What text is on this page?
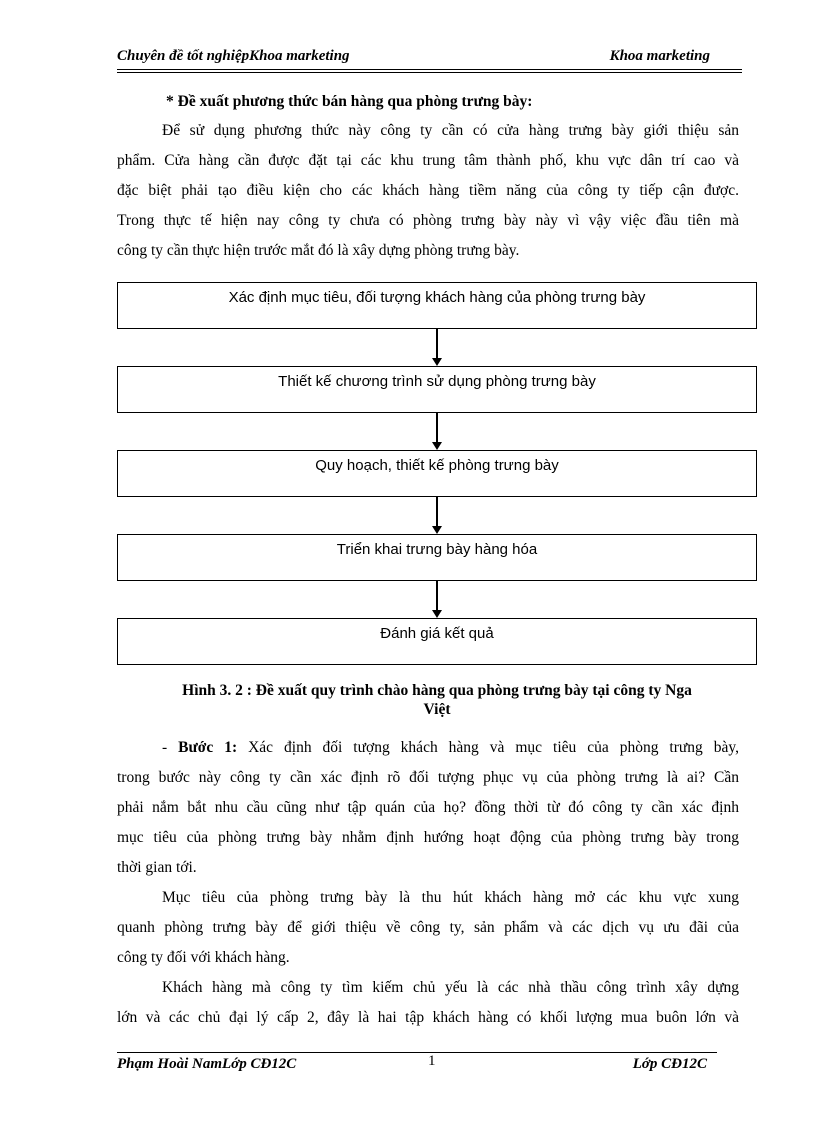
Chuyên đề tốt nghiệpKhoa marketing	Khoa marketing
* Đề xuất phương thức bán hàng qua phòng trưng bày:
Để sử dụng phương thức này công ty cần có cửa hàng trưng bày giới thiệu sản
phẩm. Cửa hàng cần được đặt tại các khu trung tâm thành phố, khu vực dân trí cao và
đặc biệt phải tạo điều kiện cho các khách hàng tiềm năng của công ty tiếp cận được.
Trong thực tế hiện nay công ty chưa có phòng trưng bày này vì vậy việc đầu tiên mà
công ty cần thực hiện trước mắt đó là xây dựng phòng trưng bày.
Xác định mục tiêu, đối tượng khách hàng của phòng trưng bày
Thiết kế chương trình sử dụng phòng trưng bày
Quy hoạch, thiết kế phòng trưng bày
Triển khai trưng bày hàng hóa
Đánh giá kết quả
Hình 3. 2 : Đề xuất quy trình chào hàng qua phòng trưng bày tại công ty Nga
Việt
- Bước 1: Xác định đối tượng khách hàng và mục tiêu của phòng trưng bày,
trong bước này công ty cần xác định rõ đối tượng phục vụ của phòng trưng là ai? Cần
phải nắm bắt nhu cầu cũng như tập quán của họ? đồng thời từ đó công ty cần xác định
mục tiêu của phòng trưng bày nhằm định hướng hoạt động của phòng trưng bày trong
thời gian tới.
Mục tiêu của phòng trưng bày là thu hút khách hàng mở các khu vực xung
quanh phòng trưng bày để giới thiệu về công ty, sản phẩm và các dịch vụ ưu đãi của
công ty đối với khách hàng.
Khách hàng mà công ty tìm kiếm chủ yếu là các nhà thầu công trình xây dựng
lớn và các chủ đại lý cấp 2, đây là hai tập khách hàng có khối lượng mua buôn lớn và
Phạm Hoài NamLớp CĐ12C	1	Lớp CĐ12C
